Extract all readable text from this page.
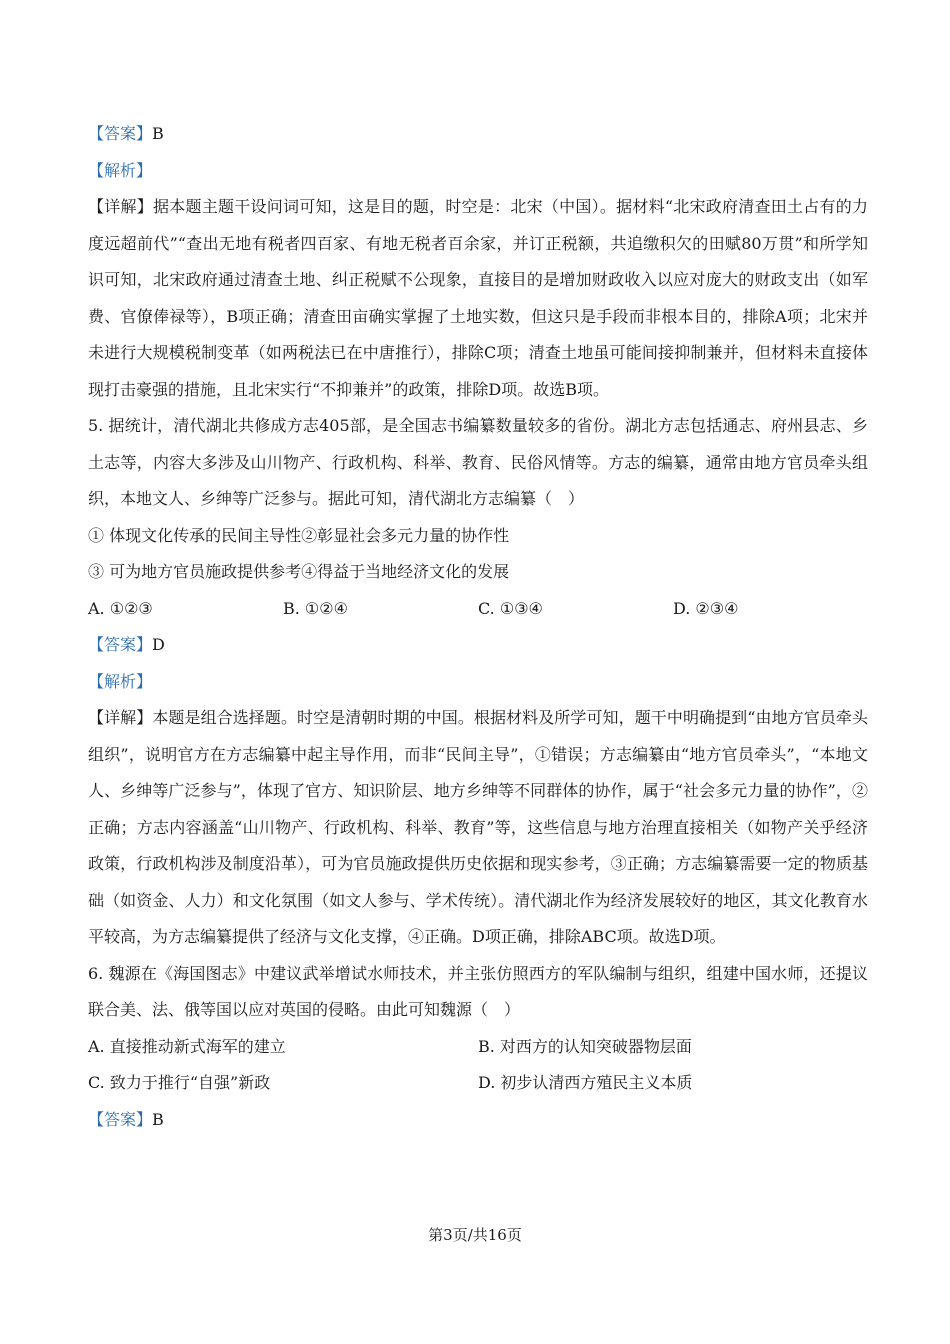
【答案】B
【解析】
【详解】据本题主题干设问词可知，这是目的题，时空是：北宋（中国）。据材料“北宋政府清查田土占有的力度远超前代”“查出无地有税者四百家、有地无税者百余家，并订正税额，共追缴积欠的田赋80万贯”和所学知识可知，北宋政府通过清查土地、纠正税赋不公现象，直接目的是增加财政收入以应对庞大的财政支出（如军费、官僚俸禄等），B项正确；清查田亩确实掌握了土地实数，但这只是手段而非根本目的，排除A项；北宋并未进行大规模税制变革（如两税法已在中唐推行），排除C项；清查土地虽可能间接抑制兼并，但材料未直接体现打击豪强的措施，且北宋实行“不抑兼并”的政策，排除D项。故选B项。
5. 据统计，清代湖北共修成方志405部，是全国志书编纂数量较多的省份。湖北方志包括通志、府州县志、乡土志等，内容大多涉及山川物产、行政机构、科举、教育、民俗风情等。方志的编纂，通常由地方官员牵头组织，本地文人、乡绅等广泛参与。据此可知，清代湖北方志编纂（　）
① 体现文化传承的民间主导性②彰显社会多元力量的协作性
③ 可为地方官员施政提供参考④得益于当地经济文化的发展
A. ①②③	B. ①②④	C. ①③④	D. ②③④
【答案】D
【解析】
【详解】本题是组合选择题。时空是清朝时期的中国。根据材料及所学可知，题干中明确提到“由地方官员牵头组织”，说明官方在方志编纂中起主导作用，而非“民间主导”，①错误；方志编纂由“地方官员牵头”，“本地文人、乡绅等广泛参与”，体现了官方、知识阶层、地方乡绅等不同群体的协作，属于“社会多元力量的协作”，②正确；方志内容涵盖“山川物产、行政机构、科举、教育”等，这些信息与地方治理直接相关（如物产关乎经济政策，行政机构涉及制度沿革），可为官员施政提供历史依据和现实参考，③正确；方志编纂需要一定的物质基础（如资金、人力）和文化氛围（如文人参与、学术传统）。清代湖北作为经济发展较好的地区，其文化教育水平较高，为方志编纂提供了经济与文化支撑，④正确。D项正确，排除ABC项。故选D项。
6. 魏源在《海国图志》中建议武举增试水师技术，并主张仿照西方的军队编制与组织，组建中国水师，还提议联合美、法、俄等国以应对英国的侵略。由此可知魏源（　）
A. 直接推动新式海军的建立	B. 对西方的认知突破器物层面
C. 致力于推行“自强”新政	D. 初步认清西方殖民主义本质
【答案】B
第3页/共16页
